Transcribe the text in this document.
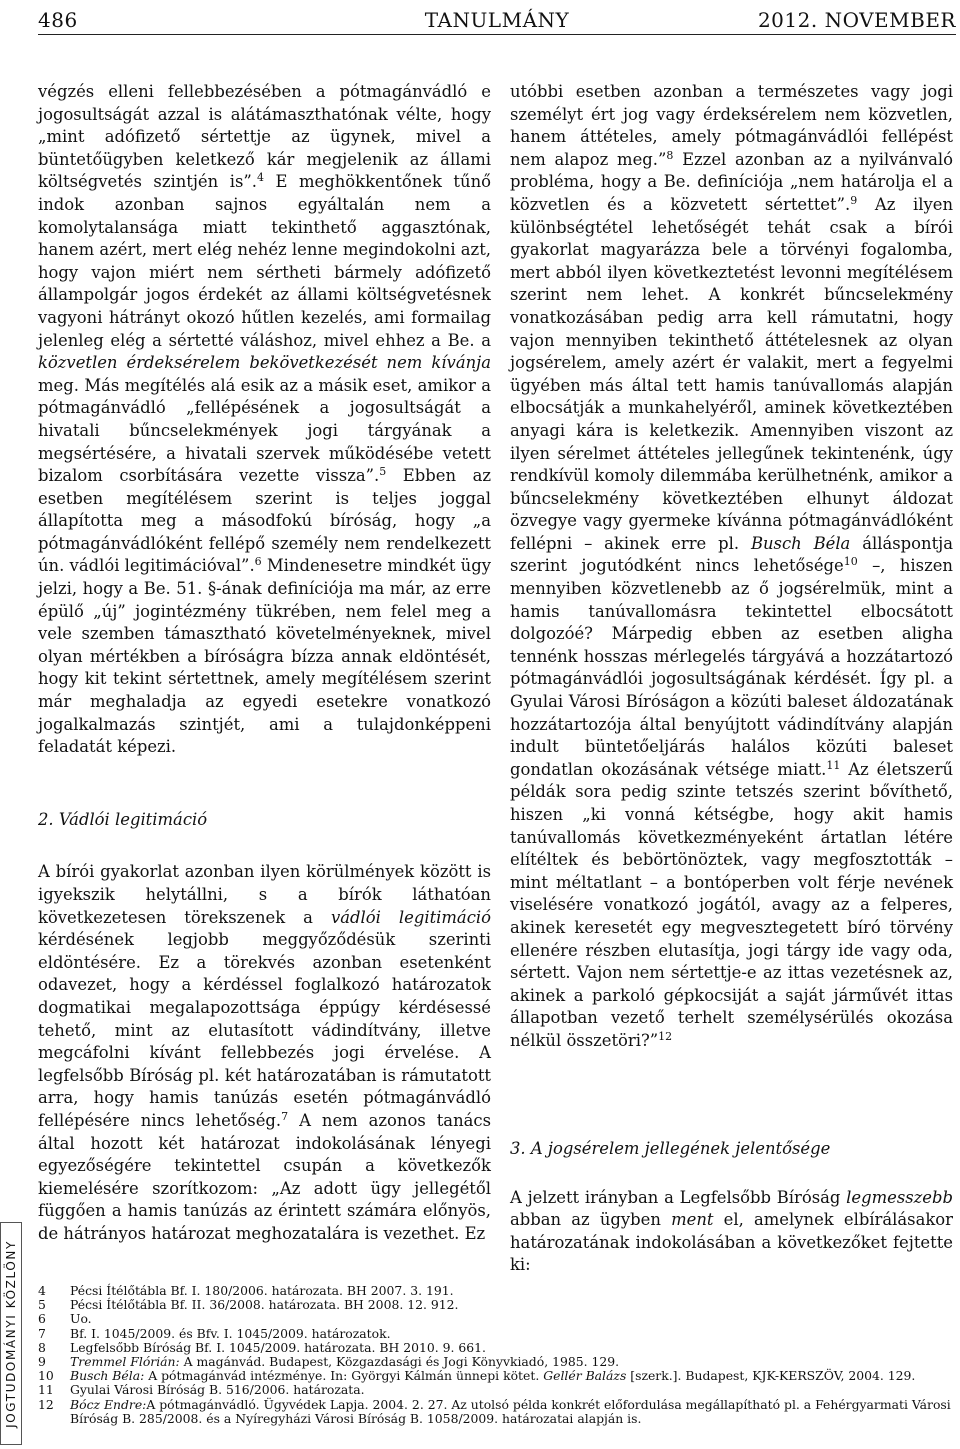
486	TANULMÁNY	2012. NOVEMBER

végzés elleni fellebbezésében a pótmagánvádló e jogosultságát azzal is alátámaszthatónak vélte, hogy „mint adófizető sértettje az ügynek, mivel a büntetőügyben keletkező kár megjelenik az állami költségvetés szintjén is”.$^4$ E meghökkentőnek tűnő indok azonban sajnos egyáltalán nem a komolytalansága miatt tekinthető aggasztónak, hanem azért, mert elég nehéz lenne megindokolni azt, hogy vajon miért nem sértheti bármely adófizető állampolgár jogos érdekét az állami költségvetésnek vagyoni hátrányt okozó hűtlen kezelés, ami formailag jelenleg elég a sértetté váláshoz, mivel ehhez a Be. a közvetlen érdeksérelem bekövetkezését nem kívánja meg. Más megítélés alá esik az a másik eset, amikor a pótmagánvádló „fellépésének a jogosultságát a hivatali bűncselekmények jogi tárgyának a megsértésére, a hivatali szervek működésébe vetett bizalom csorbítására vezette vissza”.$^5$ Ebben az esetben megítélésem szerint is teljes joggal állapította meg a másodfokú bíróság, hogy „a pótmagánvádlóként fellépő személy nem rendelkezett ún. vádlói legitimációval”.$^6$ Mindenesetre mindkét ügy jelzi, hogy a Be. 51. §-ának definíciója ma már, az erre épülő „új” jogintézmény tükrében, nem felel meg a vele szemben támasztható követelményeknek, mivel olyan mértékben a bíróságra bízza annak eldöntését, hogy kit tekint sértettnek, amely megítélésem szerint már meghaladja az egyedi esetekre vonatkozó jogalkalmazás szintjét, ami a tulajdonképpeni feladatát képezi.

2. Vádlói legitimáció

A bírói gyakorlat azonban ilyen körülmények között is igyekszik helytállni, s a bírók láthatóan következetesen törekszenek a vádlói legitimáció kérdésének legjobb meggyőződésük szerinti eldöntésére. Ez a törekvés azonban esetenként odavezet, hogy a kérdéssel foglalkozó határozatok dogmatikai megalapozottsága éppúgy kérdésessé tehető, mint az elutasított vádindítvány, illetve megcáfolni kívánt fellebbezés jogi érvelése. A legfelsőbb Bíróság pl. két határozatában is rámutatott arra, hogy hamis tanúzás esetén pótmagánvádló fellépésére nincs lehetőség.$^7$ A nem azonos tanács által hozott két határozat indokolásának lényegi egyezőségére tekintettel csupán a következők kiemelésére szorítkozom: „Az adott ügy jellegétől függően a hamis tanúzás az érintett számára előnyös, de hátrányos határozat meghozatalára is vezethet. Ez

utóbbi esetben azonban a természetes vagy jogi személyt ért jog vagy érdeksérelem nem közvetlen, hanem áttételes, amely pótmagánvádlói fellépést nem alapoz meg.”$^8$ Ezzel azonban az a nyilvánvaló probléma, hogy a Be. definíciója „nem határolja el a közvetlen és a közvetett sértettet”.$^9$ Az ilyen különbségtétel lehetőségét tehát csak a bírói gyakorlat magyarázza bele a törvényi fogalomba, mert abból ilyen következtetést levonni megítélésem szerint nem lehet. A konkrét bűncselekmény vonatkozásában pedig arra kell rámutatni, hogy vajon mennyiben tekinthető áttételesnek az olyan jogsérelem, amely azért ér valakit, mert a fegyelmi ügyében más által tett hamis tanúvallomás alapján elbocsátják a munkahelyéről, aminek következtében anyagi kára is keletkezik. Amennyiben viszont az ilyen sérelmet áttételes jellegűnek tekintenénk, úgy rendkívül komoly dilemmába kerülhetnénk, amikor a bűncselekmény következtében elhunyt áldozat özvegye vagy gyermeke kívánna pótmagánvádlóként fellépni – akinek erre pl. Busch Béla álláspontja szerint jogutódként nincs lehetősége$^{10}$ –, hiszen mennyiben közvetlenebb az ő jogsérelmük, mint a hamis tanúvallomásra tekintettel elbocsátott dolgozóé? Márpedig ebben az esetben aligha tennénk hosszas mérlegelés tárgyává a hozzátartozó pótmagánvádlói jogosultságának kérdését. Így pl. a Gyulai Városi Bíróságon a közúti baleset áldozatának hozzátartozója által benyújtott vádindítvány alapján indult büntetőeljárás halálos közúti baleset gondatlan okozásának vétsége miatt.$^{11}$ Az életszerű példák sora pedig szinte tetszés szerint bővíthető, hiszen „ki vonná kétségbe, hogy akit hamis tanúvallomás következményeként ártatlan létére elítéltek és bebörtönöztek, vagy megfosztották – mint méltatlant – a bontóperben volt férje nevének viselésére vonatkozó jogától, avagy az a felperes, akinek keresetét egy megvesztegetett bíró törvény ellenére részben elutasítja, jogi tárgy ide vagy oda, sértett. Vajon nem sértettje-e az ittas vezetésnek az, akinek a parkoló gépkocsiját a saját járművét ittas állapotban vezető terhelt személysérülés okozása nélkül összetöri?”$^{12}$

3. A jogsérelem jellegének jelentősége

A jelzett irányban a Legfelsőbb Bíróság legmesszebb abban az ügyben ment el, amelynek elbírálásakor határozatának indokolásában a következőket fejtette ki:

JOGTUDOMÁNYI KÖZLÖNY 4 Pécsi Ítélőtábla Bf. I. 180/2006. határozata. BH 2007. 3. 191.
5 Pécsi Ítélőtábla Bf. II. 36/2008. határozata. BH 2008. 12. 912.
6 Uo.
7 Bf. I. 1045/2009. és Bfv. I. 1045/2009. határozatok.
8 Legfelsőbb Bíróság Bf. I. 1045/2009. határozata. BH 2010. 9. 661.
9 Tremmel Flórián: A magánvád. Budapest, Közgazdasági és Jogi Könyvkiadó, 1985. 129.
10 Busch Béla: A pótmagánvád intézménye. In: Györgyi Kálmán ünnepi kötet. Gellér Balázs [szerk.]. Budapest, KJK-KERSZÖV, 2004. 129.
11 Gyulai Városi Bíróság B. 516/2006. határozata.
12 Bócz Endre:A pótmagánvádló. Ügyvédek Lapja. 2004. 2. 27. Az utolsó példa konkrét előfordulása megállapítható pl. a Fehérgyarmati Városi Bíróság B. 285/2008. és a Nyíregyházi Városi Bíróság B. 1058/2009. határozatai alapján is.
